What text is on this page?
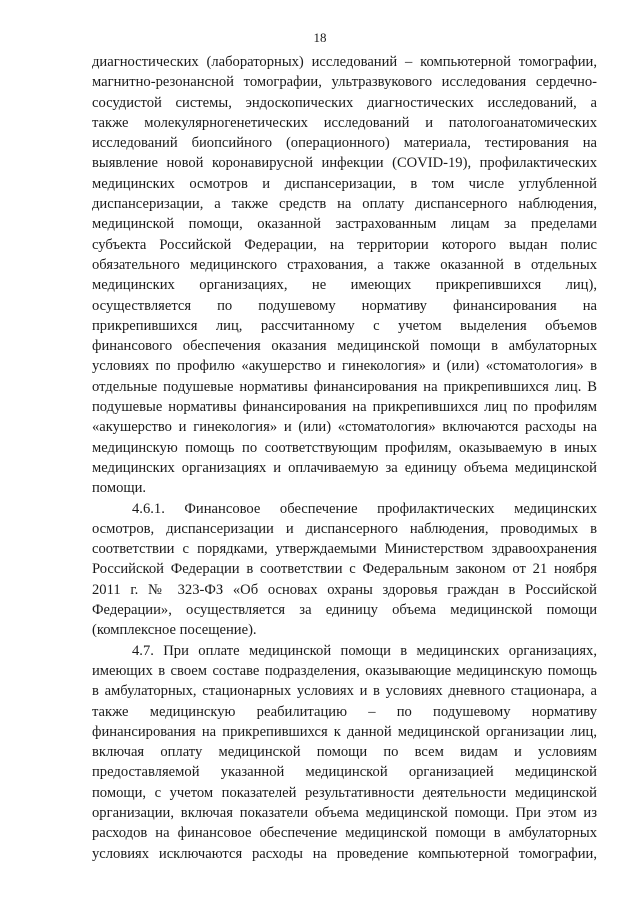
18
диагностических (лабораторных) исследований – компьютерной томографии,
магнитно-резонансной томографии, ультразвукового исследования сердечно-
сосудистой системы, эндоскопических диагностических исследований, а
также молекулярногенетических исследований и патологоанатомических
исследований биопсийного (операционного) материала, тестирования на
выявление новой коронавирусной инфекции (COVID-19), профилактических
медицинских осмотров и диспансеризации, в том числе углубленной
диспансеризации, а также средств на оплату диспансерного наблюдения,
медицинской помощи, оказанной застрахованным лицам за пределами
субъекта Российской Федерации, на территории которого выдан полис
обязательного медицинского страхования, а также оказанной в отдельных
медицинских организациях, не имеющих прикрепившихся лиц),
осуществляется по подушевому нормативу финансирования на
прикрепившихся лиц, рассчитанному с учетом выделения объемов
финансового обеспечения оказания медицинской помощи в амбулаторных
условиях по профилю «акушерство и гинекология» и (или) «стоматология» в
отдельные подушевые нормативы финансирования на прикрепившихся лиц. В
подушевые нормативы финансирования на прикрепившихся лиц по профилям
«акушерство и гинекология» и (или) «стоматология» включаются расходы на
медицинскую помощь по соответствующим профилям, оказываемую в иных
медицинских организациях и оплачиваемую за единицу объема медицинской
помощи.
4.6.1. Финансовое обеспечение профилактических медицинских
осмотров, диспансеризации и диспансерного наблюдения, проводимых в
соответствии с порядками, утверждаемыми Министерством здравоохранения
Российской Федерации в соответствии с Федеральным законом от 21 ноября
2011 г. № 323-ФЗ «Об основах охраны здоровья граждан в Российской
Федерации», осуществляется за единицу объема медицинской помощи
(комплексное посещение).
4.7. При оплате медицинской помощи в медицинских организациях,
имеющих в своем составе подразделения, оказывающие медицинскую помощь
в амбулаторных, стационарных условиях и в условиях дневного стационара, а
также медицинскую реабилитацию – по подушевому нормативу
финансирования на прикрепившихся к данной медицинской организации лиц,
включая оплату медицинской помощи по всем видам и условиям
предоставляемой указанной медицинской организацией медицинской
помощи, с учетом показателей результативности деятельности медицинской
организации, включая показатели объема медицинской помощи. При этом из
расходов на финансовое обеспечение медицинской помощи в амбулаторных
условиях исключаются расходы на проведение компьютерной томографии,
